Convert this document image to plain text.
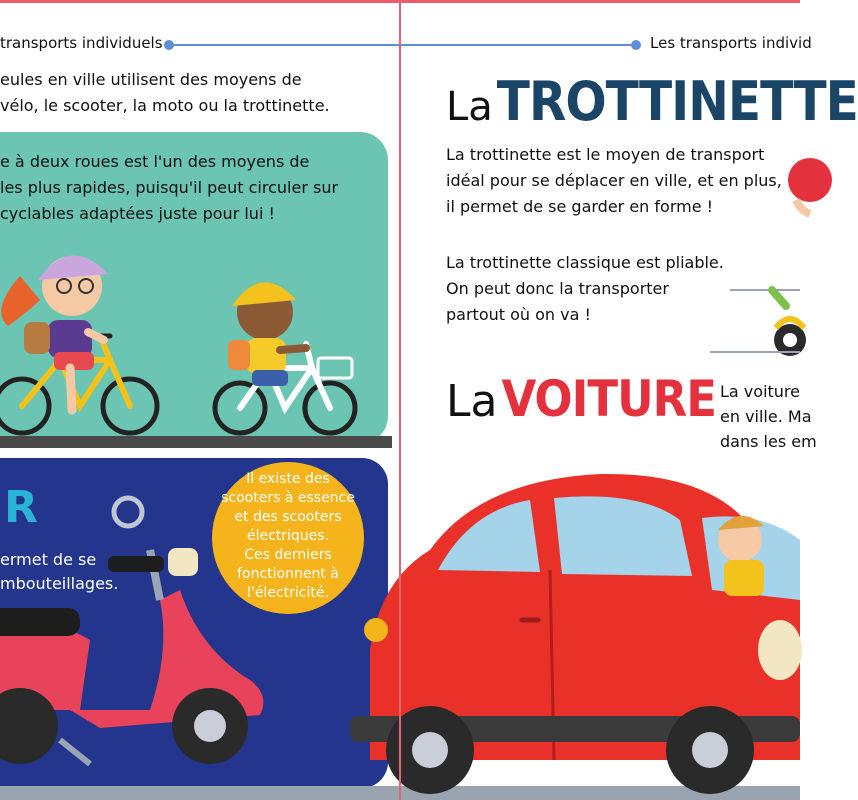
transports individuels
eules en ville utilisent des moyens de
vélo, le scooter, la moto ou la trottinette.
e à deux roues est l'un des moyens de
les plus rapides, puisqu'il peut circuler sur
cyclables adaptées juste pour lui !
R
ermet de se
mbouteillages.
Il existe des
scooters à essence
et des scooters
électriques.
Ces derniers
fonctionnent à
l'électricité.
Les transports individ
LaTROTTINETTE
La trottinette est le moyen de transport
idéal pour se déplacer en ville, et en plus,
il permet de se garder en forme !
La trottinette classique est pliable.
On peut donc la transporter
partout où on va !
LaVOITURE La voiture
en ville. Ma
dans les em
